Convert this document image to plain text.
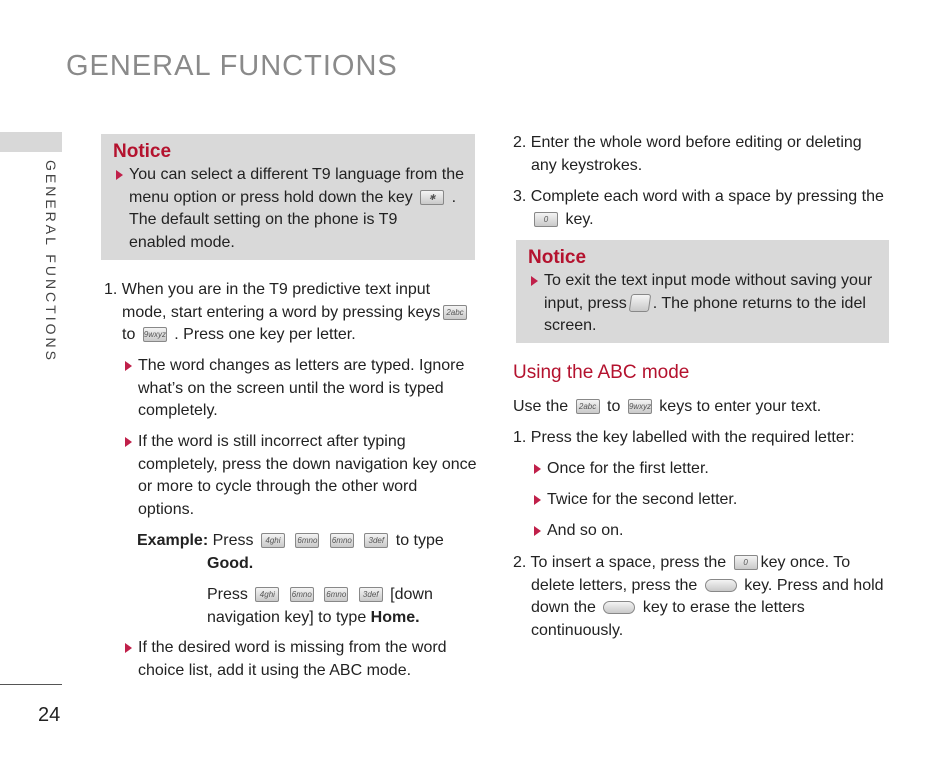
GENERAL FUNCTIONS
GENERAL FUNCTIONS
24
Notice
You can select a different T9 language from the
menu option or press hold down the key ✱ .
The default setting on the phone is T9
enabled mode.
1. When you are in the T9 predictive text input
mode, start entering a word by pressing keys
to 9wxyz . Press one key per letter.
2abc
The word changes as letters are typed. Ignore
what’s on the screen until the word is typed
completely.
If the word is still incorrect after typing
completely, press the down navigation key once
or more to cycle through the other word
options.
Example: Press 4ghi 6mno 6mno 3def to type
Good.
Press 4ghi 6mno 6mno 3def [down
navigation key] to type Home.
If the desired word is missing from the word
choice list, add it using the ABC mode.
2. Enter the whole word before editing or deleting
any keystrokes.
3. Complete each word with a space by pressing the
0 key.
Notice
To exit the text input mode without saving your
input, press . The phone returns to the idel
screen.
Using the ABC mode
Use the 2abc to 9wxyz keys to enter your text.
1. Press the key labelled with the required letter:
Once for the first letter.
Twice for the second letter.
And so on.
2. To insert a space, press the 0 key once. To
delete letters, press the	key. Press and hold
down the	key to erase the letters
continuously.
